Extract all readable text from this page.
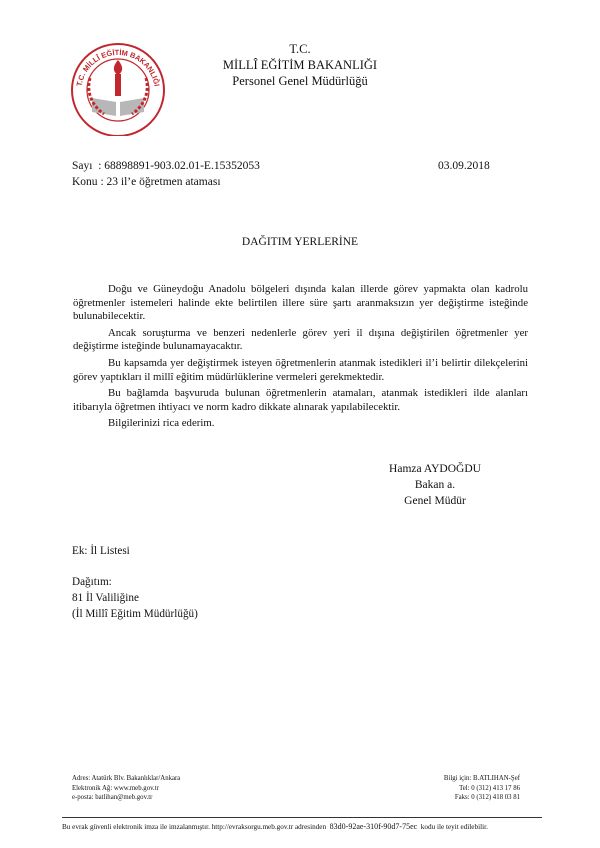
T.C. MİLLÎ EĞİTİM BAKANLIĞI
T.C.
MİLLÎ EĞİTİM BAKANLIĞI
Personel Genel Müdürlüğü
Sayı : 68898891-903.02.01-E.15352053	03.09.2018
Konu : 23 il’e öğretmen ataması
DAĞITIM YERLERİNE

Doğu ve Güneydoğu Anadolu bölgeleri dışında kalan illerde görev yapmakta olan kadrolu öğretmenler istemeleri halinde ekte belirtilen illere süre şartı aranmaksızın yer değiştirme isteğinde bulunabilecektir.

Ancak soruşturma ve benzeri nedenlerle görev yeri il dışına değiştirilen öğretmenler yer değiştirme isteğinde bulunamayacaktır.

Bu kapsamda yer değiştirmek isteyen öğretmenlerin atanmak istedikleri il’i belirtir dilekçelerini görev yaptıkları il millî eğitim müdürlüklerine vermeleri gerekmektedir.

Bu bağlamda başvuruda bulunan öğretmenlerin atamaları, atanmak istedikleri ilde alanları itibarıyla öğretmen ihtiyacı ve norm kadro dikkate alınarak yapılabilecektir.

Bilgilerinizi rica ederim.

Hamza AYDOĞDU
Bakan a.
Genel Müdür
Ek: İl Listesi
Dağıtım:
81 İl Valiliğine
(İl Millî Eğitim Müdürlüğü)
Adres: Atatürk Blv. Bakanlıklar/Ankara
Elektronik Ağ: www.meb.gov.tr
e-posta: batlihan@meb.gov.tr
Bilgi için: B.ATLIHAN-Şef
Tel: 0 (312) 413 17 86
Faks: 0 (312) 418 03 81
Bu evrak güvenli elektronik imza ile imzalanmıştır. http://evraksorgu.meb.gov.tr adresinden 83d0-92ae-310f-90d7-75ec kodu ile teyit edilebilir.
